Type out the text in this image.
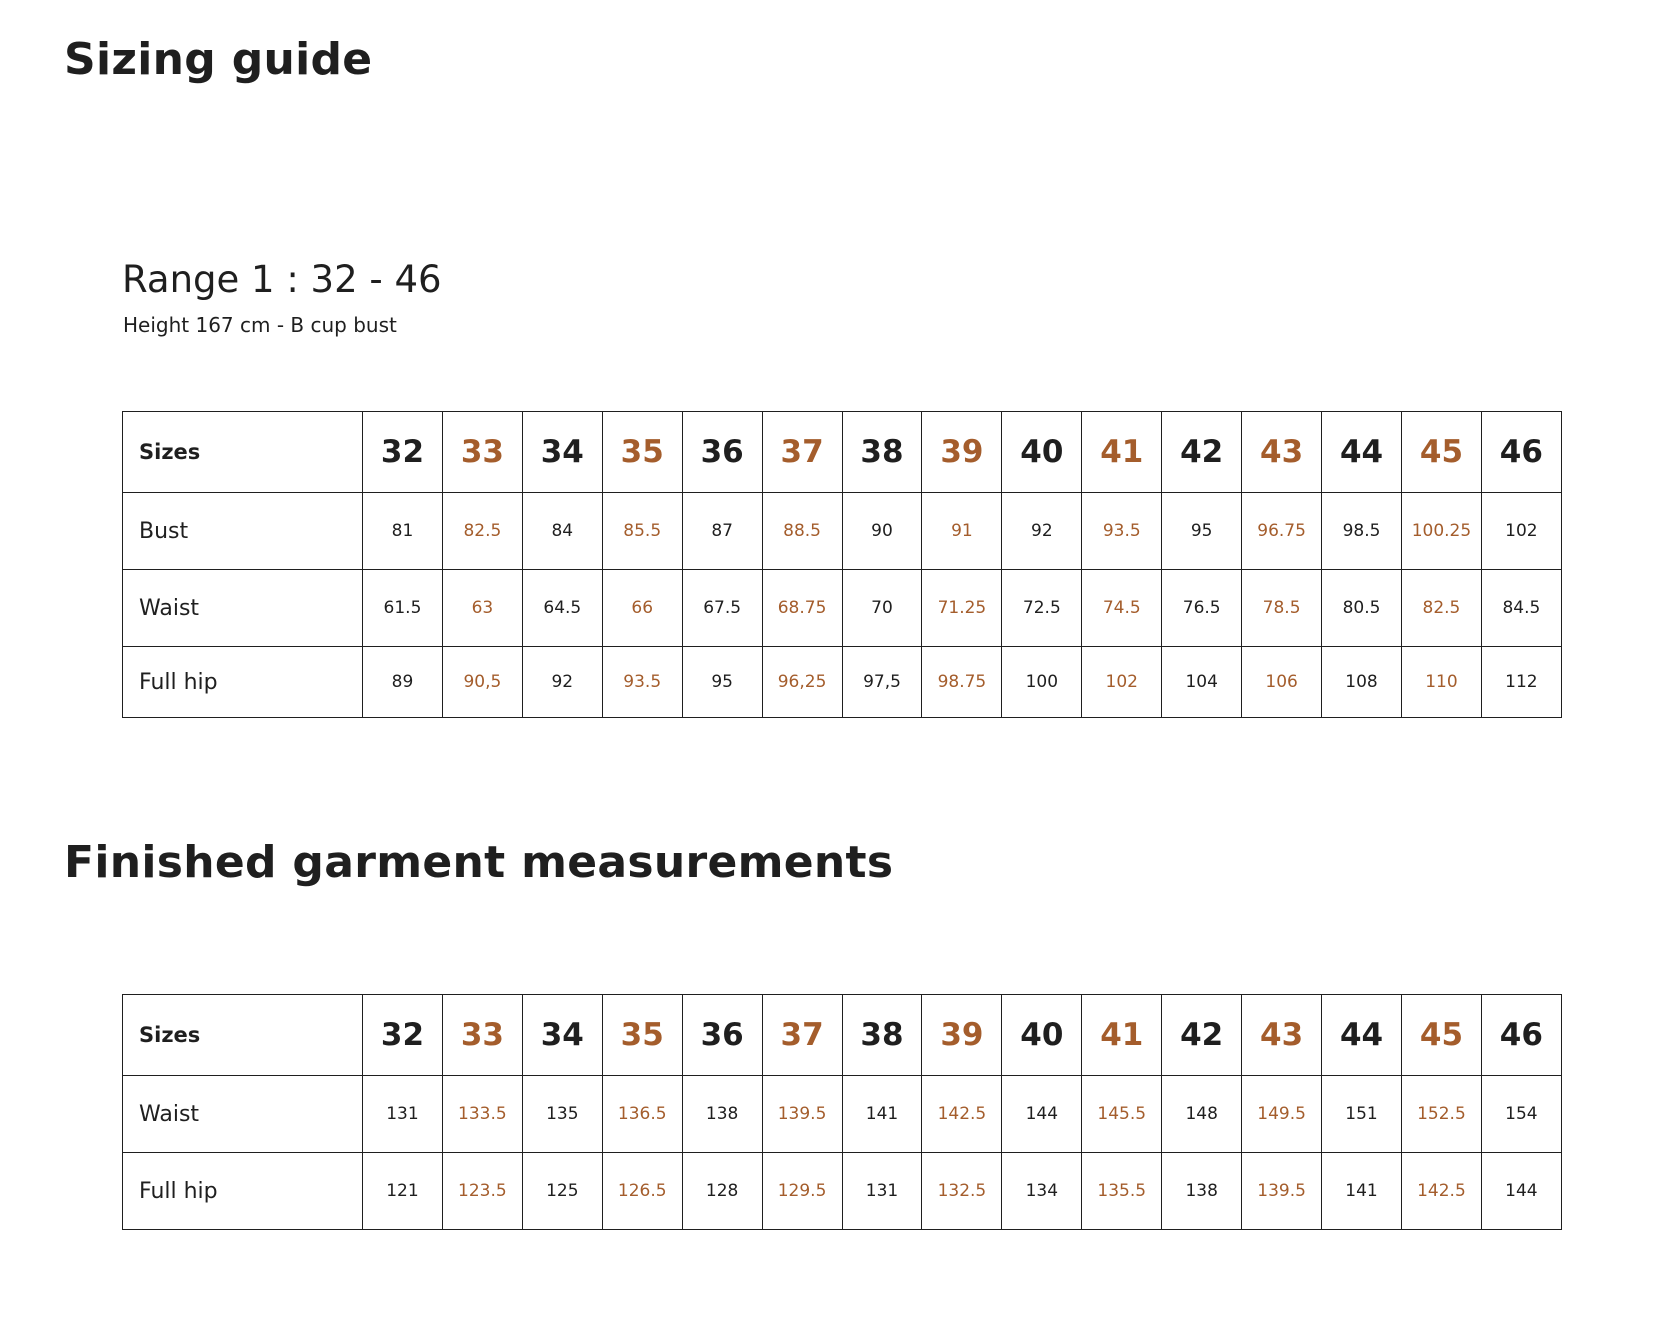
Sizing guide
Range 1 : 32 - 46

Height 167 cm - B cup bust

Sizes	32	33	34	35	36	37	38	39	40	41	42	43	44	45	46
Bust	81	82.5	84	85.5	87	88.5	90	91	92	93.5	95	96.75	98.5	100.25	102
Waist	61.5	63	64.5	66	67.5	68.75	70	71.25	72.5	74.5	76.5	78.5	80.5	82.5	84.5
Full hip	89	90,5	92	93.5	95	96,25	97,5	98.75	100	102	104	106	108	110	112
Finished garment measurements
Sizes	32	33	34	35	36	37	38	39	40	41	42	43	44	45	46
Waist	131	133.5	135	136.5	138	139.5	141	142.5	144	145.5	148	149.5	151	152.5	154
Full hip	121	123.5	125	126.5	128	129.5	131	132.5	134	135.5	138	139.5	141	142.5	144
